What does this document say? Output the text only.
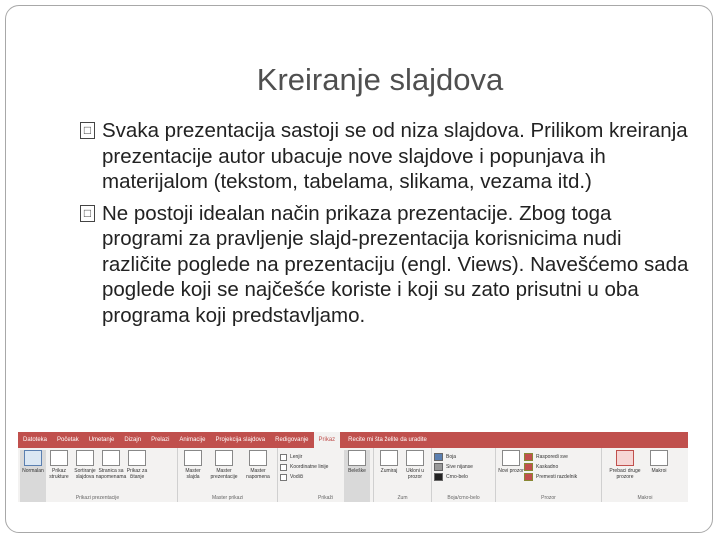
Kreiranje slajdova
□ Svaka prezentacija sastoji se od niza slajdova. Prilikom kreiranja prezentacije autor ubacuje nove slajdove i popunjava ih materijalom (tekstom, tabelama, slikama, vezama itd.)
□ Ne postoji idealan način prikaza prezentacije. Zbog toga programi za pravljenje slajd-prezentacija korisnicima nudi različite poglede na prezentaciju (engl. Views). Navešćemo sada poglede koji se najčešće koriste i koji su zato prisutni u oba programa koji predstavljamo.
Datoteka	Početak	Umetanje	Dizajn	Prelazi	Animacije	Projekcija slajdova	Redigovanje	Prikaz	Recite mi šta želite da uradite
Normalan	Prikaz strukture
Sortiranje slajdova
Stranica sa napomenama
Prikaz za čitanje
Prikazi prezentacije
Master slajda
Master prezentacije
Master napomena
Master prikazi
Lenjir
Koordinatne linije
Vodiči
Beleške
Prikaži
Zumiraj	Ukloni u prozor
Zum
Boja
Sive nijanse
Crno-belo
Boja/crno-belo
Novi prozor
Rasporedi sve
Kaskadno
Premesti razdelnik
Prozor
Prebaci druge prozore
Makroi
Makroi
